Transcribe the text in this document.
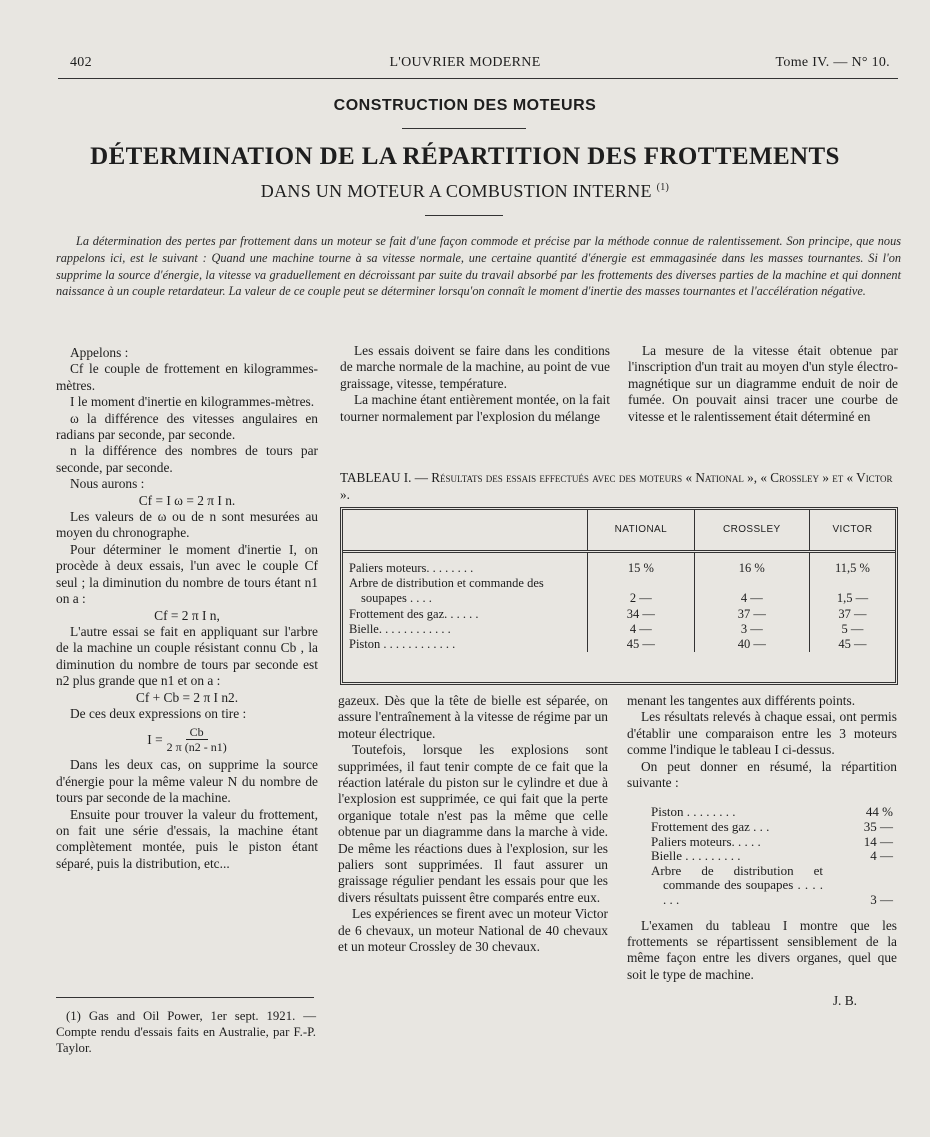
402	L'OUVRIER MODERNE	Tome IV. — N° 10.
CONSTRUCTION DES MOTEURS
DÉTERMINATION DE LA RÉPARTITION DES FROTTEMENTS
DANS UN MOTEUR A COMBUSTION INTERNE $^{(1)}$
La détermination des pertes par frottement dans un moteur se fait d'une façon commode et précise par la méthode connue de ralentissement. Son principe, que nous rappelons ici, est le suivant : Quand une machine tourne à sa vitesse normale, une certaine quantité d'énergie est emmagasinée dans les masses tournantes. Si l'on supprime la source d'énergie, la vitesse va graduellement en décroissant par suite du travail absorbé par les frottements des diverses parties de la machine et qui donnent naissance à un couple retardateur. La valeur de ce couple peut se déterminer lorsqu'on connaît le moment d'inertie des masses tournantes et l'accélération négative.

Appelons :

Cf le couple de frottement en kilogrammes-mètres.

I le moment d'inertie en kilogrammes-mètres.

ω la différence des vitesses angulaires en radians par seconde, par seconde.

n la différence des nombres de tours par seconde, par seconde.

Nous aurons :

Cf = I ω = 2 π I n.

Les valeurs de ω ou de n sont mesurées au moyen du chronographe.

Pour déterminer le moment d'inertie I, on procède à deux essais, l'un avec le couple Cf seul ; la diminution du nombre de tours étant n1 on a :

Cf = 2 π I n,

L'autre essai se fait en appliquant sur l'arbre de la machine un couple résistant connu Cb , la diminution du nombre de tours par seconde est n2 plus grande que n1 et on a :

Cf + Cb = 2 π I n2.

De ces deux expressions on tire :

$I = \frac{Cb}{2 \pi (n2 - n1)}$

Dans les deux cas, on supprime la source d'énergie pour la même valeur N du nombre de tours par seconde de la machine.

Ensuite pour trouver la valeur du frottement, on fait une série d'essais, la machine étant complètement montée, puis le piston étant séparé, puis la distribution, etc...

(1) Gas and Oil Power, 1er sept. 1921. — Compte rendu d'essais faits en Australie, par F.-P. Taylor.

Les essais doivent se faire dans les conditions de marche normale de la machine, au point de vue graissage, vitesse, température.

La machine étant entièrement montée, on la fait tourner normalement par l'explosion du mélange

La mesure de la vitesse était obtenue par l'inscription d'un trait au moyen d'un style électro-magnétique sur un diagramme enduit de noir de fumée. On pouvait ainsi tracer une courbe de vitesse et le ralentissement était déterminé en

TABLEAU I. — Résultats des essais effectués avec des moteurs « National », « Crossley » et « Victor ».
	NATIONAL	CROSSLEY	VICTOR

Paliers moteurs. . . . . . . .	15 %	16 %	11,5 %
Arbre de distribution et commande des soupapes . . . .	2 —	4 —	1,5 —
Frottement des gaz. . . . . .	34 —	37 —	37 —
Bielle. . . . . . . . . . . .	4 —	3 —	5 —
Piston . . . . . . . . . . . .	45 —	40 —	45 —

gazeux. Dès que la tête de bielle est séparée, on assure l'entraînement à la vitesse de régime par un moteur électrique.

Toutefois, lorsque les explosions sont supprimées, il faut tenir compte de ce fait que la réaction latérale du piston sur le cylindre et due à l'explosion est supprimée, ce qui fait que la perte organique totale n'est pas la même que celle obtenue par un diagramme dans la marche à vide. De même les réactions dues à l'explosion, sur les paliers sont supprimées. Il faut assurer un graissage régulier pendant les essais pour que les divers résultats puissent être comparés entre eux.

Les expériences se firent avec un moteur Victor de 6 chevaux, un moteur National de 40 chevaux et un moteur Crossley de 30 chevaux.

menant les tangentes aux différents points.

Les résultats relevés à chaque essai, ont permis d'établir une comparaison entre les 3 moteurs comme l'indique le tableau I ci-dessus.

On peut donner en résumé, la répartition suivante :

Piston . . . . . . . .	44 %
Frottement des gaz . . .	35 —
Paliers moteurs. . . . .	14 —
Bielle . . . . . . . . .	4 —
Arbre de distribution et commande des soupapes . . . . . . .	3 —

L'examen du tableau I montre que les frottements se répartissent sensiblement de la même façon entre les divers organes, quel que soit le type de machine.

J. B.
